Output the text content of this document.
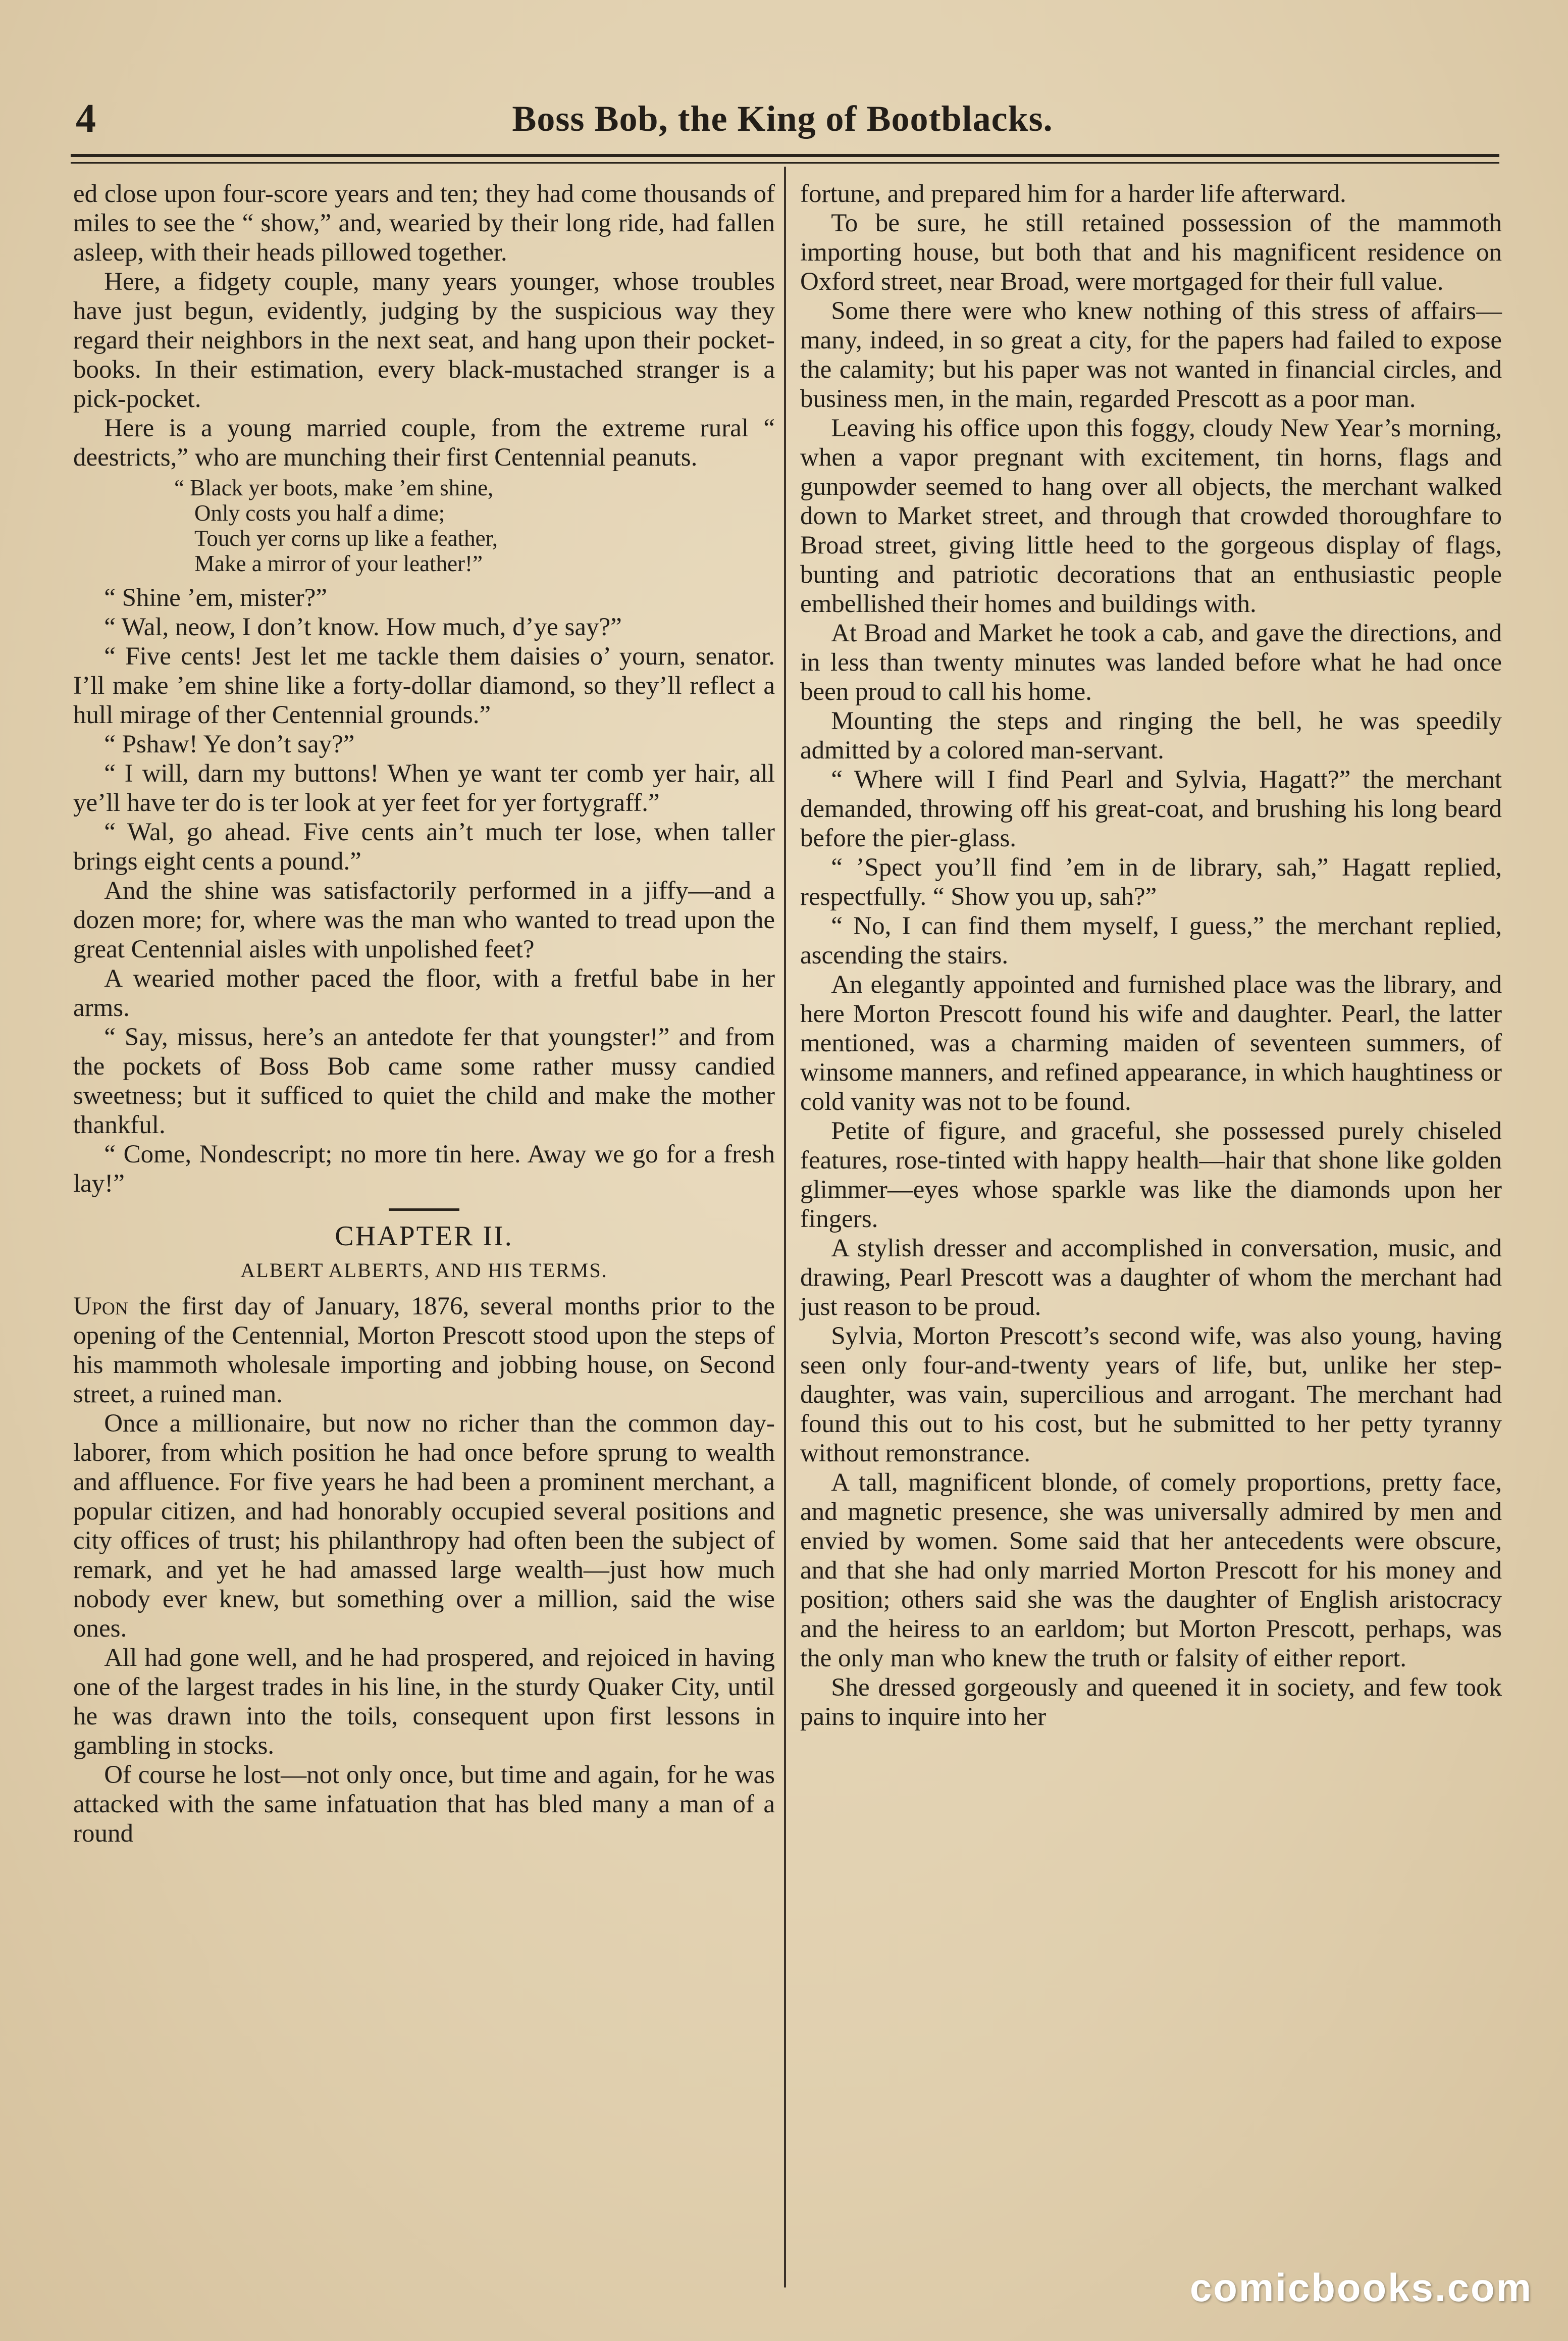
4	Boss Bob, the King of Bootblacks.

ed close upon four-score years and ten; they had come thousands of miles to see the “ show,” and, wearied by their long ride, had fallen asleep, with their heads pillowed together.

Here, a fidgety couple, many years younger, whose troubles have just begun, evidently, judging by the suspicious way they regard their neighbors in the next seat, and hang upon their pocket-books. In their estimation, every black-mustached stranger is a pick-pocket.

Here is a young married couple, from the extreme rural “ deestricts,” who are munching their first Centennial peanuts.

“ Black yer boots, make ’em shine,
Only costs you half a dime;
Touch yer corns up like a feather,
Make a mirror of your leather!”

“ Shine ’em, mister?”

“ Wal, neow, I don’t know. How much, d’ye say?”

“ Five cents! Jest let me tackle them daisies o’ yourn, senator. I’ll make ’em shine like a forty-dollar diamond, so they’ll reflect a hull mirage of ther Centennial grounds.”

“ Pshaw! Ye don’t say?”

“ I will, darn my buttons! When ye want ter comb yer hair, all ye’ll have ter do is ter look at yer feet for yer fortygraff.”

“ Wal, go ahead. Five cents ain’t much ter lose, when taller brings eight cents a pound.”

And the shine was satisfactorily performed in a jiffy—and a dozen more; for, where was the man who wanted to tread upon the great Centennial aisles with unpolished feet?

A wearied mother paced the floor, with a fretful babe in her arms.

“ Say, missus, here’s an antedote fer that youngster!” and from the pockets of Boss Bob came some rather mussy candied sweetness; but it sufficed to quiet the child and make the mother thankful.

“ Come, Nondescript; no more tin here. Away we go for a fresh lay!”

CHAPTER II.
ALBERT ALBERTS, AND HIS TERMS.

Upon the first day of January, 1876, several months prior to the opening of the Centennial, Morton Prescott stood upon the steps of his mammoth wholesale importing and jobbing house, on Second street, a ruined man.

Once a millionaire, but now no richer than the common day-laborer, from which position he had once before sprung to wealth and affluence. For five years he had been a prominent merchant, a popular citizen, and had honorably occupied several positions and city offices of trust; his philanthropy had often been the subject of remark, and yet he had amassed large wealth—just how much nobody ever knew, but something over a million, said the wise ones.

All had gone well, and he had prospered, and rejoiced in having one of the largest trades in his line, in the sturdy Quaker City, until he was drawn into the toils, consequent upon first lessons in gambling in stocks.

Of course he lost—not only once, but time and again, for he was attacked with the same infatuation that has bled many a man of a round

fortune, and prepared him for a harder life afterward.

To be sure, he still retained possession of the mammoth importing house, but both that and his magnificent residence on Oxford street, near Broad, were mortgaged for their full value.

Some there were who knew nothing of this stress of affairs—many, indeed, in so great a city, for the papers had failed to expose the calamity; but his paper was not wanted in financial circles, and business men, in the main, regarded Prescott as a poor man.

Leaving his office upon this foggy, cloudy New Year’s morning, when a vapor pregnant with excitement, tin horns, flags and gunpowder seemed to hang over all objects, the merchant walked down to Market street, and through that crowded thoroughfare to Broad street, giving little heed to the gorgeous display of flags, bunting and patriotic decorations that an enthusiastic people embellished their homes and buildings with.

At Broad and Market he took a cab, and gave the directions, and in less than twenty minutes was landed before what he had once been proud to call his home.

Mounting the steps and ringing the bell, he was speedily admitted by a colored man-servant.

“ Where will I find Pearl and Sylvia, Hagatt?” the merchant demanded, throwing off his great-coat, and brushing his long beard before the pier-glass.

“ ’Spect you’ll find ’em in de library, sah,” Hagatt replied, respectfully. “ Show you up, sah?”

“ No, I can find them myself, I guess,” the merchant replied, ascending the stairs.

An elegantly appointed and furnished place was the library, and here Morton Prescott found his wife and daughter. Pearl, the latter mentioned, was a charming maiden of seventeen summers, of winsome manners, and refined appearance, in which haughtiness or cold vanity was not to be found.

Petite of figure, and graceful, she possessed purely chiseled features, rose-tinted with happy health—hair that shone like golden glimmer—eyes whose sparkle was like the diamonds upon her fingers.

A stylish dresser and accomplished in conversation, music, and drawing, Pearl Prescott was a daughter of whom the merchant had just reason to be proud.

Sylvia, Morton Prescott’s second wife, was also young, having seen only four-and-twenty years of life, but, unlike her step-daughter, was vain, supercilious and arrogant. The merchant had found this out to his cost, but he submitted to her petty tyranny without remonstrance.

A tall, magnificent blonde, of comely proportions, pretty face, and magnetic presence, she was universally admired by men and envied by women. Some said that her antecedents were obscure, and that she had only married Morton Prescott for his money and position; others said she was the daughter of English aristocracy and the heiress to an earldom; but Morton Prescott, perhaps, was the only man who knew the truth or falsity of either report.

She dressed gorgeously and queened it in society, and few took pains to inquire into her

comicbooks.com
